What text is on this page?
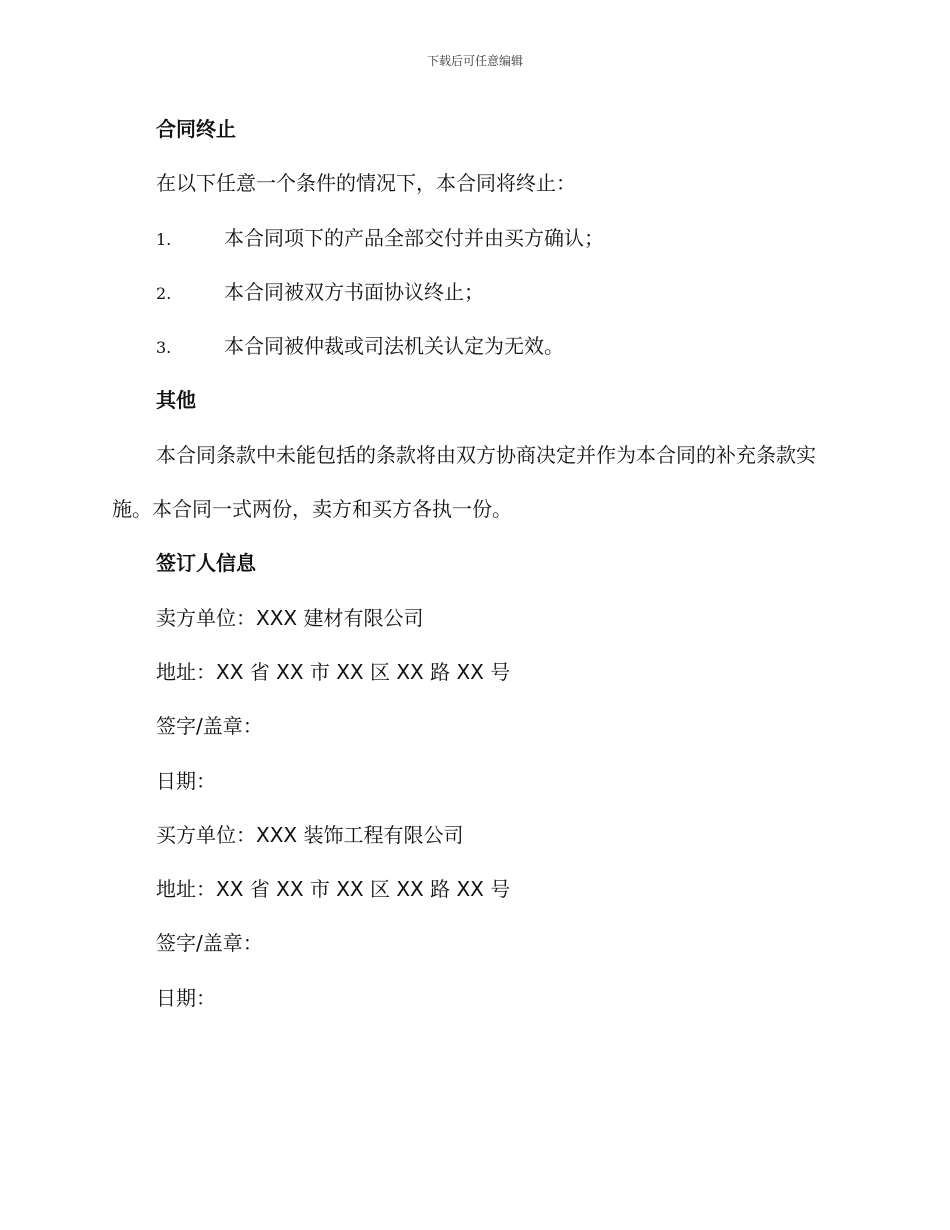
下载后可任意编辑
合同终止
在以下任意一个条件的情况下，本合同将终止：
1.	本合同项下的产品全部交付并由买方确认；
2.	本合同被双方书面协议终止；
3.	本合同被仲裁或司法机关认定为无效。
其他
本合同条款中未能包括的条款将由双方协商决定并作为本合同的补充条款实施。本合同一式两份，卖方和买方各执一份。
签订人信息
卖方单位：XXX 建材有限公司
地址：XX 省 XX 市 XX 区 XX 路 XX 号
签字/盖章：
日期：
买方单位：XXX 装饰工程有限公司
地址：XX 省 XX 市 XX 区 XX 路 XX 号
签字/盖章：
日期：
